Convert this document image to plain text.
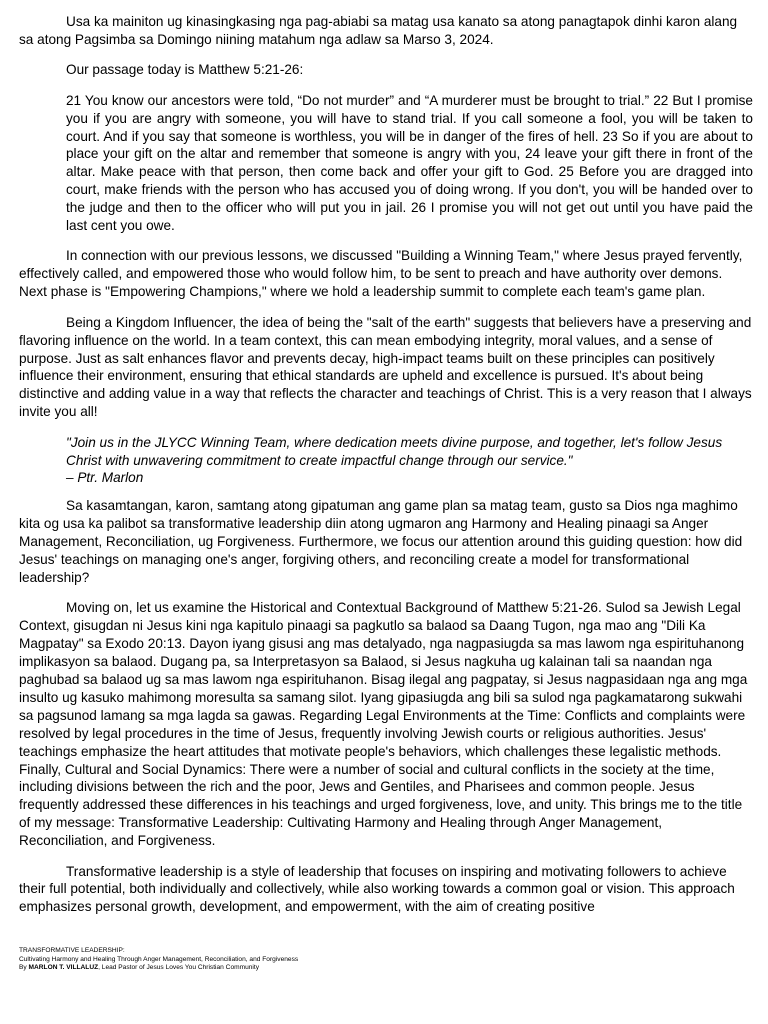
Usa ka mainiton ug kinasingkasing nga pag-abiabi sa matag usa kanato sa atong panagtapok dinhi karon alang sa atong Pagsimba sa Domingo niining matahum nga adlaw sa Marso 3, 2024.

Our passage today is Matthew 5:21-26:

21 You know our ancestors were told, “Do not murder” and “A murderer must be brought to trial.” 22 But I promise you if you are angry with someone, you will have to stand trial. If you call someone a fool, you will be taken to court. And if you say that someone is worthless, you will be in danger of the fires of hell. 23 So if you are about to place your gift on the altar and remember that someone is angry with you, 24 leave your gift there in front of the altar. Make peace with that person, then come back and offer your gift to God. 25 Before you are dragged into court, make friends with the person who has accused you of doing wrong. If you don't, you will be handed over to the judge and then to the officer who will put you in jail. 26 I promise you will not get out until you have paid the last cent you owe.

In connection with our previous lessons, we discussed "Building a Winning Team," where Jesus prayed fervently, effectively called, and empowered those who would follow him, to be sent to preach and have authority over demons. Next phase is "Empowering Champions," where we hold a leadership summit to complete each team's game plan.

Being a Kingdom Influencer, the idea of being the "salt of the earth" suggests that believers have a preserving and flavoring influence on the world. In a team context, this can mean embodying integrity, moral values, and a sense of purpose. Just as salt enhances flavor and prevents decay, high-impact teams built on these principles can positively influence their environment, ensuring that ethical standards are upheld and excellence is pursued. It's about being distinctive and adding value in a way that reflects the character and teachings of Christ. This is a very reason that I always invite you all!

"Join us in the JLYCC Winning Team, where dedication meets divine purpose, and together, let's follow Jesus Christ with unwavering commitment to create impactful change through our service."
– Ptr. Marlon

Sa kasamtangan, karon, samtang atong gipatuman ang game plan sa matag team, gusto sa Dios nga maghimo kita og usa ka palibot sa transformative leadership diin atong ugmaron ang Harmony and Healing pinaagi sa Anger Management, Reconciliation, ug Forgiveness. Furthermore, we focus our attention around this guiding question: how did Jesus' teachings on managing one's anger, forgiving others, and reconciling create a model for transformational leadership?

Moving on, let us examine the Historical and Contextual Background of Matthew 5:21-26. Sulod sa Jewish Legal Context, gisugdan ni Jesus kini nga kapitulo pinaagi sa pagkutlo sa balaod sa Daang Tugon, nga mao ang "Dili Ka Magpatay" sa Exodo 20:13. Dayon iyang gisusi ang mas detalyado, nga nagpasiugda sa mas lawom nga espirituhanong implikasyon sa balaod. Dugang pa, sa Interpretasyon sa Balaod, si Jesus nagkuha ug kalainan tali sa naandan nga paghubad sa balaod ug sa mas lawom nga espirituhanon. Bisag ilegal ang pagpatay, si Jesus nagpasidaan nga ang mga insulto ug kasuko mahimong moresulta sa samang silot. Iyang gipasiugda ang bili sa sulod nga pagkamatarong sukwahi sa pagsunod lamang sa mga lagda sa gawas. Regarding Legal Environments at the Time: Conflicts and complaints were resolved by legal procedures in the time of Jesus, frequently involving Jewish courts or religious authorities. Jesus' teachings emphasize the heart attitudes that motivate people's behaviors, which challenges these legalistic methods. Finally, Cultural and Social Dynamics: There were a number of social and cultural conflicts in the society at the time, including divisions between the rich and the poor, Jews and Gentiles, and Pharisees and common people. Jesus frequently addressed these differences in his teachings and urged forgiveness, love, and unity. This brings me to the title of my message: Transformative Leadership: Cultivating Harmony and Healing through Anger Management, Reconciliation, and Forgiveness.

Transformative leadership is a style of leadership that focuses on inspiring and motivating followers to achieve their full potential, both individually and collectively, while also working towards a common goal or vision. This approach emphasizes personal growth, development, and empowerment, with the aim of creating positive

TRANSFORMATIVE LEADERSHIP:
Cultivating Harmony and Healing Through Anger Management, Reconciliation, and Forgiveness
By MARLON T. VILLALUZ, Lead Pastor of Jesus Loves You Christian Community
